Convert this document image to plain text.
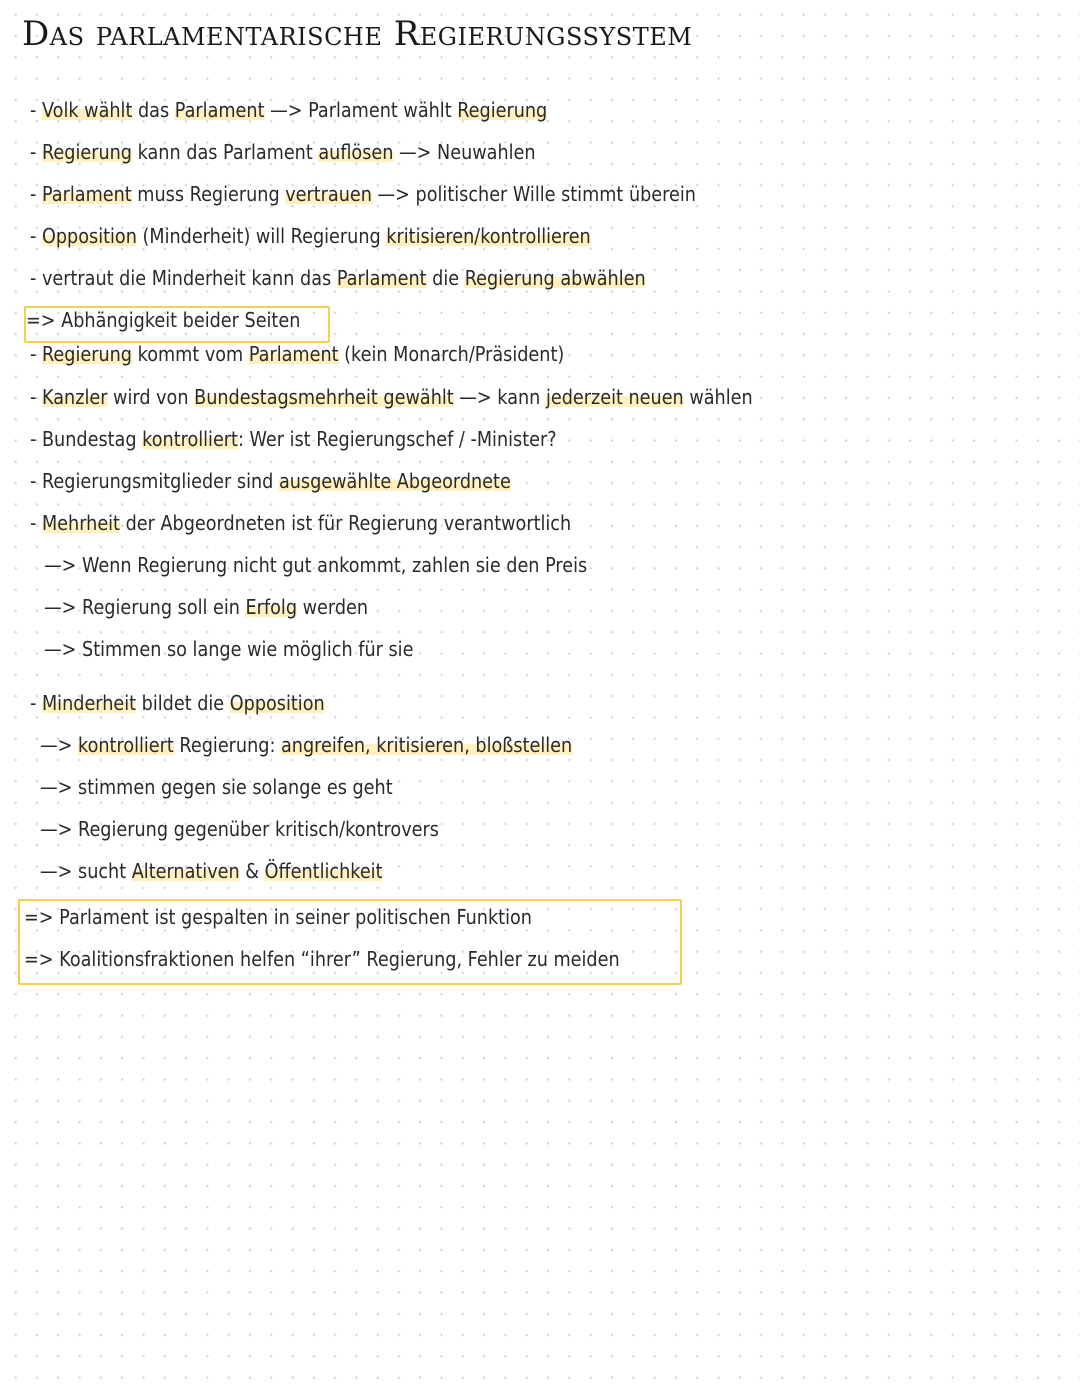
Das parlamentarische Regierungssystem
- Volk wählt das Parlament —> Parlament wählt Regierung
- Regierung kann das Parlament auflösen —> Neuwahlen
- Parlament muss Regierung vertrauen —> politischer Wille stimmt überein
- Opposition (Minderheit) will Regierung kritisieren/kontrollieren
- vertraut die Minderheit kann das Parlament die Regierung abwählen
=> Abhängigkeit beider Seiten
- Regierung kommt vom Parlament (kein Monarch/Präsident)
- Kanzler wird von Bundestagsmehrheit gewählt —> kann jederzeit neuen wählen
- Bundestag kontrolliert: Wer ist Regierungschef / -Minister?
- Regierungsmitglieder sind ausgewählte Abgeordnete
- Mehrheit der Abgeordneten ist für Regierung verantwortlich
—> Wenn Regierung nicht gut ankommt, zahlen sie den Preis
—> Regierung soll ein Erfolg werden
—> Stimmen so lange wie möglich für sie
- Minderheit bildet die Opposition
—> kontrolliert Regierung: angreifen, kritisieren, bloßstellen
—> stimmen gegen sie solange es geht
—> Regierung gegenüber kritisch/kontrovers
—> sucht Alternativen & Öffentlichkeit
=> Parlament ist gespalten in seiner politischen Funktion
=> Koalitionsfraktionen helfen “ihrer” Regierung, Fehler zu meiden
